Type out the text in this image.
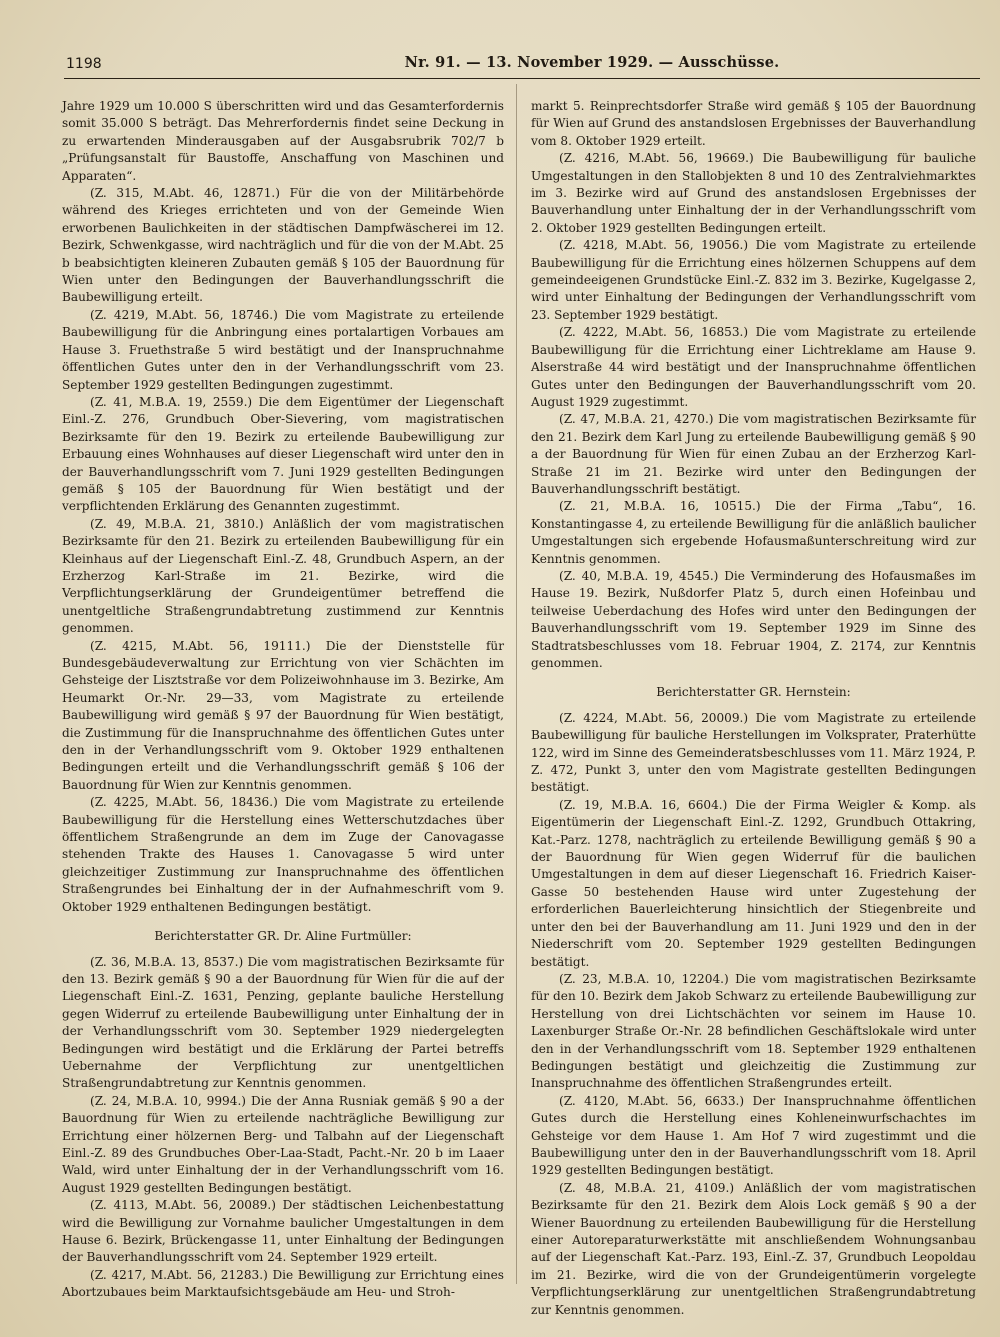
1198	Nr. 91. — 13. November 1929. — Ausschüsse.

Jahre 1929 um 10.000 S überschritten wird und das Gesamterfordernis somit 35.000 S beträgt. Das Mehrerfordernis findet seine Deckung in zu erwartenden Minderausgaben auf der Ausgabsrubrik 702/7 b „Prüfungsanstalt für Baustoffe, Anschaffung von Maschinen und Apparaten“.

(Z. 315, M.Abt. 46, 12871.) Für die von der Militärbehörde während des Krieges errichteten und von der Gemeinde Wien erworbenen Baulichkeiten in der städtischen Dampfwäscherei im 12. Bezirk, Schwenkgasse, wird nachträglich und für die von der M.Abt. 25 b beabsichtigten kleineren Zubauten gemäß § 105 der Bauordnung für Wien unter den Bedingungen der Bauverhandlungsschrift die Baubewilligung erteilt.

(Z. 4219, M.Abt. 56, 18746.) Die vom Magistrate zu erteilende Baubewilligung für die Anbringung eines portalartigen Vorbaues am Hause 3. Fruethstraße 5 wird bestätigt und der Inanspruchnahme öffentlichen Gutes unter den in der Verhandlungsschrift vom 23. September 1929 gestellten Bedingungen zugestimmt.

(Z. 41, M.B.A. 19, 2559.) Die dem Eigentümer der Liegenschaft Einl.-Z. 276, Grundbuch Ober-Sievering, vom magistratischen Bezirksamte für den 19. Bezirk zu erteilende Baubewilligung zur Erbauung eines Wohnhauses auf dieser Liegenschaft wird unter den in der Bauverhandlungsschrift vom 7. Juni 1929 gestellten Bedingungen gemäß § 105 der Bauordnung für Wien bestätigt und der verpflichtenden Erklärung des Genannten zugestimmt.

(Z. 49, M.B.A. 21, 3810.) Anläßlich der vom magistratischen Bezirksamte für den 21. Bezirk zu erteilenden Baubewilligung für ein Kleinhaus auf der Liegenschaft Einl.-Z. 48, Grundbuch Aspern, an der Erzherzog Karl-Straße im 21. Bezirke, wird die Verpflichtungserklärung der Grundeigentümer betreffend die unentgeltliche Straßengrundabtretung zustimmend zur Kenntnis genommen.

(Z. 4215, M.Abt. 56, 19111.) Die der Dienststelle für Bundesgebäudeverwaltung zur Errichtung von vier Schächten im Gehsteige der Lisztstraße vor dem Polizeiwohnhause im 3. Bezirke, Am Heumarkt Or.-Nr. 29—33, vom Magistrate zu erteilende Baubewilligung wird gemäß § 97 der Bauordnung für Wien bestätigt, die Zustimmung für die Inanspruchnahme des öffentlichen Gutes unter den in der Verhandlungsschrift vom 9. Oktober 1929 enthaltenen Bedingungen erteilt und die Verhandlungsschrift gemäß § 106 der Bauordnung für Wien zur Kenntnis genommen.

(Z. 4225, M.Abt. 56, 18436.) Die vom Magistrate zu erteilende Baubewilligung für die Herstellung eines Wetterschutzdaches über öffentlichem Straßengrunde an dem im Zuge der Canovagasse stehenden Trakte des Hauses 1. Canovagasse 5 wird unter gleichzeitiger Zustimmung zur Inanspruchnahme des öffentlichen Straßengrundes bei Einhaltung der in der Aufnahmeschrift vom 9. Oktober 1929 enthaltenen Bedingungen bestätigt.

Berichterstatter GR. Dr. Aline Furtmüller:

(Z. 36, M.B.A. 13, 8537.) Die vom magistratischen Bezirksamte für den 13. Bezirk gemäß § 90 a der Bauordnung für Wien für die auf der Liegenschaft Einl.-Z. 1631, Penzing, geplante bauliche Herstellung gegen Widerruf zu erteilende Baubewilligung unter Einhaltung der in der Verhandlungsschrift vom 30. September 1929 niedergelegten Bedingungen wird bestätigt und die Erklärung der Partei betreffs Uebernahme der Verpflichtung zur unentgeltlichen Straßengrundabtretung zur Kenntnis genommen.

(Z. 24, M.B.A. 10, 9994.) Die der Anna Rusniak gemäß § 90 a der Bauordnung für Wien zu erteilende nachträgliche Bewilligung zur Errichtung einer hölzernen Berg- und Talbahn auf der Liegenschaft Einl.-Z. 89 des Grundbuches Ober-Laa-Stadt, Pacht.-Nr. 20 b im Laaer Wald, wird unter Einhaltung der in der Verhandlungsschrift vom 16. August 1929 gestellten Bedingungen bestätigt.

(Z. 4113, M.Abt. 56, 20089.) Der städtischen Leichenbestattung wird die Bewilligung zur Vornahme baulicher Umgestaltungen in dem Hause 6. Bezirk, Brückengasse 11, unter Einhaltung der Bedingungen der Bauverhandlungsschrift vom 24. September 1929 erteilt.

(Z. 4217, M.Abt. 56, 21283.) Die Bewilligung zur Errichtung eines Abortzubaues beim Marktaufsichtsgebäude am Heu- und Stroh-

markt 5. Reinprechtsdorfer Straße wird gemäß § 105 der Bauordnung für Wien auf Grund des anstandslosen Ergebnisses der Bauverhandlung vom 8. Oktober 1929 erteilt.

(Z. 4216, M.Abt. 56, 19669.) Die Baubewilligung für bauliche Umgestaltungen in den Stallobjekten 8 und 10 des Zentralviehmarktes im 3. Bezirke wird auf Grund des anstandslosen Ergebnisses der Bauverhandlung unter Einhaltung der in der Verhandlungsschrift vom 2. Oktober 1929 gestellten Bedingungen erteilt.

(Z. 4218, M.Abt. 56, 19056.) Die vom Magistrate zu erteilende Baubewilligung für die Errichtung eines hölzernen Schuppens auf dem gemeindeeigenen Grundstücke Einl.-Z. 832 im 3. Bezirke, Kugelgasse 2, wird unter Einhaltung der Bedingungen der Verhandlungsschrift vom 23. September 1929 bestätigt.

(Z. 4222, M.Abt. 56, 16853.) Die vom Magistrate zu erteilende Baubewilligung für die Errichtung einer Lichtreklame am Hause 9. Alserstraße 44 wird bestätigt und der Inanspruchnahme öffentlichen Gutes unter den Bedingungen der Bauverhandlungsschrift vom 20. August 1929 zugestimmt.

(Z. 47, M.B.A. 21, 4270.) Die vom magistratischen Bezirksamte für den 21. Bezirk dem Karl Jung zu erteilende Baubewilligung gemäß § 90 a der Bauordnung für Wien für einen Zubau an der Erzherzog Karl-Straße 21 im 21. Bezirke wird unter den Bedingungen der Bauverhandlungsschrift bestätigt.

(Z. 21, M.B.A. 16, 10515.) Die der Firma „Tabu“, 16. Konstantingasse 4, zu erteilende Bewilligung für die anläßlich baulicher Umgestaltungen sich ergebende Hofausmaßunterschreitung wird zur Kenntnis genommen.

(Z. 40, M.B.A. 19, 4545.) Die Verminderung des Hofausmaßes im Hause 19. Bezirk, Nußdorfer Platz 5, durch einen Hofeinbau und teilweise Ueberdachung des Hofes wird unter den Bedingungen der Bauverhandlungsschrift vom 19. September 1929 im Sinne des Stadtratsbeschlusses vom 18. Februar 1904, Z. 2174, zur Kenntnis genommen.

Berichterstatter GR. Hernstein:

(Z. 4224, M.Abt. 56, 20009.) Die vom Magistrate zu erteilende Baubewilligung für bauliche Herstellungen im Volksprater, Praterhütte 122, wird im Sinne des Gemeinderatsbeschlusses vom 11. März 1924, P. Z. 472, Punkt 3, unter den vom Magistrate gestellten Bedingungen bestätigt.

(Z. 19, M.B.A. 16, 6604.) Die der Firma Weigler & Komp. als Eigentümerin der Liegenschaft Einl.-Z. 1292, Grundbuch Ottakring, Kat.-Parz. 1278, nachträglich zu erteilende Bewilligung gemäß § 90 a der Bauordnung für Wien gegen Widerruf für die baulichen Umgestaltungen in dem auf dieser Liegenschaft 16. Friedrich Kaiser-Gasse 50 bestehenden Hause wird unter Zugestehung der erforderlichen Bauerleichterung hinsichtlich der Stiegenbreite und unter den bei der Bauverhandlung am 11. Juni 1929 und den in der Niederschrift vom 20. September 1929 gestellten Bedingungen bestätigt.

(Z. 23, M.B.A. 10, 12204.) Die vom magistratischen Bezirksamte für den 10. Bezirk dem Jakob Schwarz zu erteilende Baubewilligung zur Herstellung von drei Lichtschächten vor seinem im Hause 10. Laxenburger Straße Or.-Nr. 28 befindlichen Geschäftslokale wird unter den in der Verhandlungsschrift vom 18. September 1929 enthaltenen Bedingungen bestätigt und gleichzeitig die Zustimmung zur Inanspruchnahme des öffentlichen Straßengrundes erteilt.

(Z. 4120, M.Abt. 56, 6633.) Der Inanspruchnahme öffentlichen Gutes durch die Herstellung eines Kohleneinwurfschachtes im Gehsteige vor dem Hause 1. Am Hof 7 wird zugestimmt und die Baubewilligung unter den in der Bauverhandlungsschrift vom 18. April 1929 gestellten Bedingungen bestätigt.

(Z. 48, M.B.A. 21, 4109.) Anläßlich der vom magistratischen Bezirksamte für den 21. Bezirk dem Alois Lock gemäß § 90 a der Wiener Bauordnung zu erteilenden Baubewilligung für die Herstellung einer Autoreparaturwerkstätte mit anschließendem Wohnungsanbau auf der Liegenschaft Kat.-Parz. 193, Einl.-Z. 37, Grundbuch Leopoldau im 21. Bezirke, wird die von der Grundeigentümerin vorgelegte Verpflichtungserklärung zur unentgeltlichen Straßengrundabtretung zur Kenntnis genommen.
